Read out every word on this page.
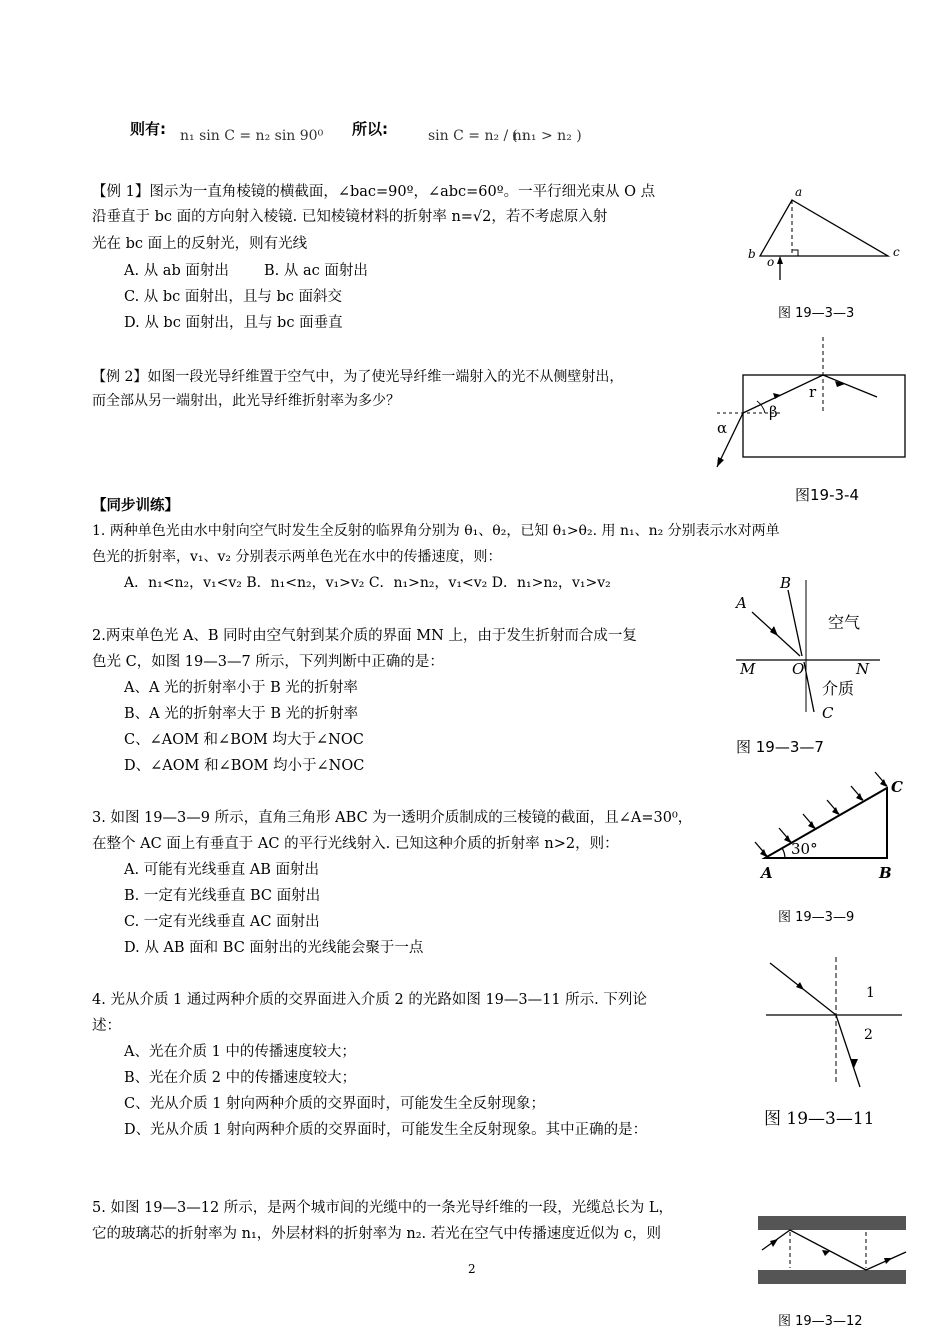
则有: n₁ sin C = n₂ sin 90⁰ 所以:	sin C = n₂ / n₁
( n₁ > n₂ )
【例 1】图示为一直角棱镜的横截面，∠bac=90º，∠abc=60º。一平行细光束从 O 点
沿垂直于 bc 面的方向射入棱镜. 已知棱镜材料的折射率 n=√2，若不考虑原入射
光在 bc 面上的反射光，则有光线
A. 从 ab 面射出 B. 从 ac 面射出
C. 从 bc 面射出，且与 bc 面斜交
D. 从 bc 面射出，且与 bc 面垂直
a
b	c
o
图 19—3—3
【例 2】如图一段光导纤维置于空气中，为了使光导纤维一端射入的光不从侧壁射出，
而全部从另一端射出，此光导纤维折射率为多少？
α
β
r
图19-3-4
【同步训练】
1. 两种单色光由水中射向空气时发生全反射的临界角分别为 θ₁、θ₂，已知 θ₁>θ₂. 用 n₁、n₂ 分别表示水对两单
色光的折射率，v₁、v₂ 分别表示两单色光在水中的传播速度，则：
A．n₁<n₂，v₁<v₂ B．n₁<n₂，v₁>v₂ C．n₁>n₂，v₁<v₂ D．n₁>n₂，v₁>v₂
2.两束单色光 A、B 同时由空气射到某介质的界面 MN 上，由于发生折射而合成一复
色光 C，如图 19—3—7 所示，下列判断中正确的是：
A、A 光的折射率小于 B 光的折射率
B、A 光的折射率大于 B 光的折射率
C、∠AOM 和∠BOM 均大于∠NOC
D、∠AOM 和∠BOM 均小于∠NOC
A
B
空气
M O	N
介质
C
图 19—3—7
3. 如图 19—3—9 所示，直角三角形 ABC 为一透明介质制成的三棱镜的截面，且∠A=30⁰，
在整个 AC 面上有垂直于 AC 的平行光线射入. 已知这种介质的折射率 n>2，则：
A. 可能有光线垂直 AB 面射出
B. 一定有光线垂直 BC 面射出
C. 一定有光线垂直 AC 面射出
D. 从 AB 面和 BC 面射出的光线能会聚于一点
30°
A	B
C
图 19—3—9
4. 光从介质 1 通过两种介质的交界面进入介质 2 的光路如图 19—3—11 所示. 下列论
述：
A、光在介质 1 中的传播速度较大；
B、光在介质 2 中的传播速度较大；
C、光从介质 1 射向两种介质的交界面时，可能发生全反射现象；
D、光从介质 1 射向两种介质的交界面时，可能发生全反射现象。其中正确的是：
1
2
图 19—3—11
5. 如图 19—3—12 所示，是两个城市间的光缆中的一条光导纤维的一段，光缆总长为 L，
它的玻璃芯的折射率为 n₁，外层材料的折射率为 n₂. 若光在空气中传播速度近似为 c，则
图 19—3—12
2
